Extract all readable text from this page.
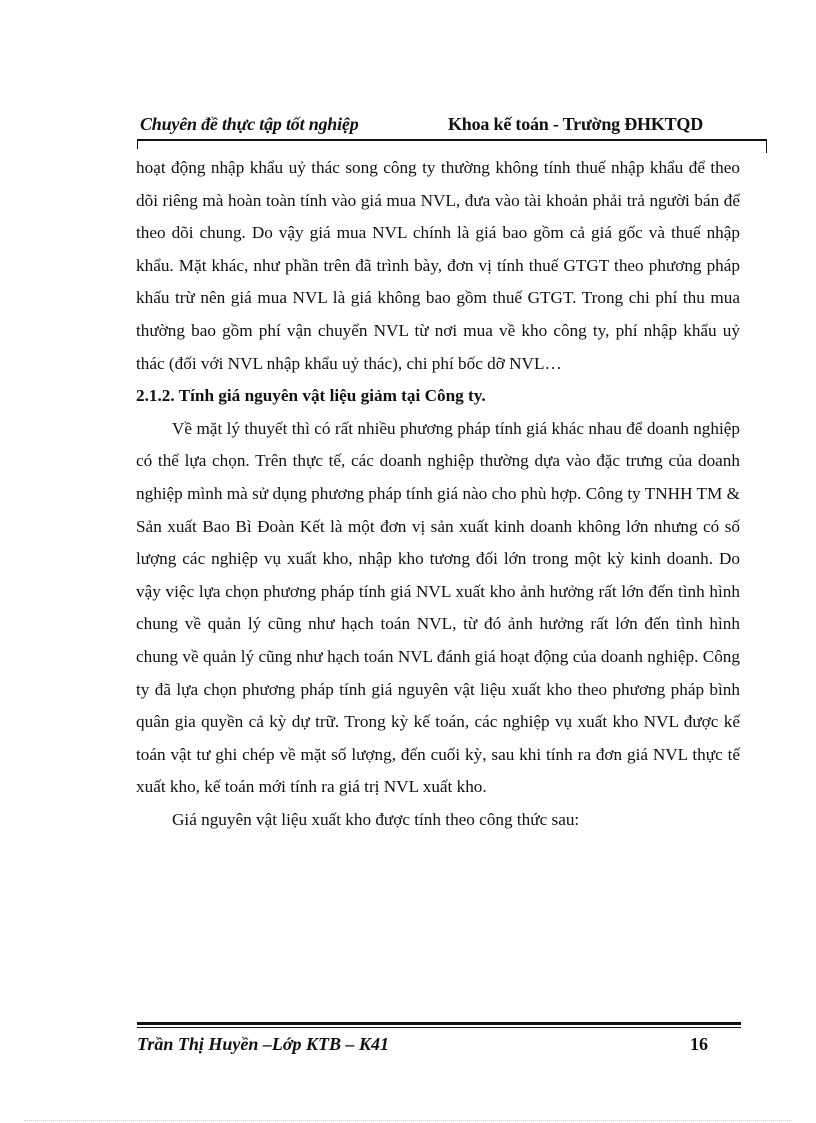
Chuyên đề thực tập tốt nghiệp	Khoa kế toán - Trường ĐHKTQD

hoạt động nhập khẩu uỷ thác song công ty thường không tính thuế nhập khẩu để theo dõi riêng mà hoàn toàn tính vào giá mua NVL, đưa vào tài khoản phải trả người bán để theo dõi chung. Do vậy giá mua NVL chính là giá bao gồm cả giá gốc và thuế nhập khẩu. Mặt khác, như phần trên đã trình bày, đơn vị tính thuế GTGT theo phương pháp khấu trừ nên giá mua NVL là giá không bao gồm thuế GTGT. Trong chi phí thu mua thường bao gồm phí vận chuyển NVL từ nơi mua về kho công ty, phí nhập khẩu uỷ thác (đối với NVL nhập khẩu uỷ thác), chi phí bốc dỡ NVL…

2.1.2. Tính giá nguyên vật liệu giảm tại Công ty.

Về mặt lý thuyết thì có rất nhiều phương pháp tính giá khác nhau để doanh nghiệp có thể lựa chọn. Trên thực tế, các doanh nghiệp thường dựa vào đặc trưng của doanh nghiệp mình mà sử dụng phương pháp tính giá nào cho phù hợp. Công ty TNHH TM & Sản xuất Bao Bì Đoàn Kết là một đơn vị sản xuất kinh doanh không lớn nhưng có số lượng các nghiệp vụ xuất kho, nhập kho tương đối lớn trong một kỳ kinh doanh. Do vậy việc lựa chọn phương pháp tính giá NVL xuất kho ảnh hưởng rất lớn đến tình hình chung về quản lý cũng như hạch toán NVL, từ đó ảnh hưởng rất lớn đến tình hình chung về quản lý cũng như hạch toán NVL đánh giá hoạt động của doanh nghiệp. Công ty đã lựa chọn phương pháp tính giá nguyên vật liệu xuất kho theo phương pháp bình quân gia quyền cả kỳ dự trữ. Trong kỳ kế toán, các nghiệp vụ xuất kho NVL được kế toán vật tư ghi chép về mặt số lượng, đến cuối kỳ, sau khi tính ra đơn giá NVL thực tế xuất kho, kế toán mới tính ra giá trị NVL xuất kho.

Giá nguyên vật liệu xuất kho được tính theo công thức sau:

Trần Thị Huyền –Lớp KTB – K41	16
